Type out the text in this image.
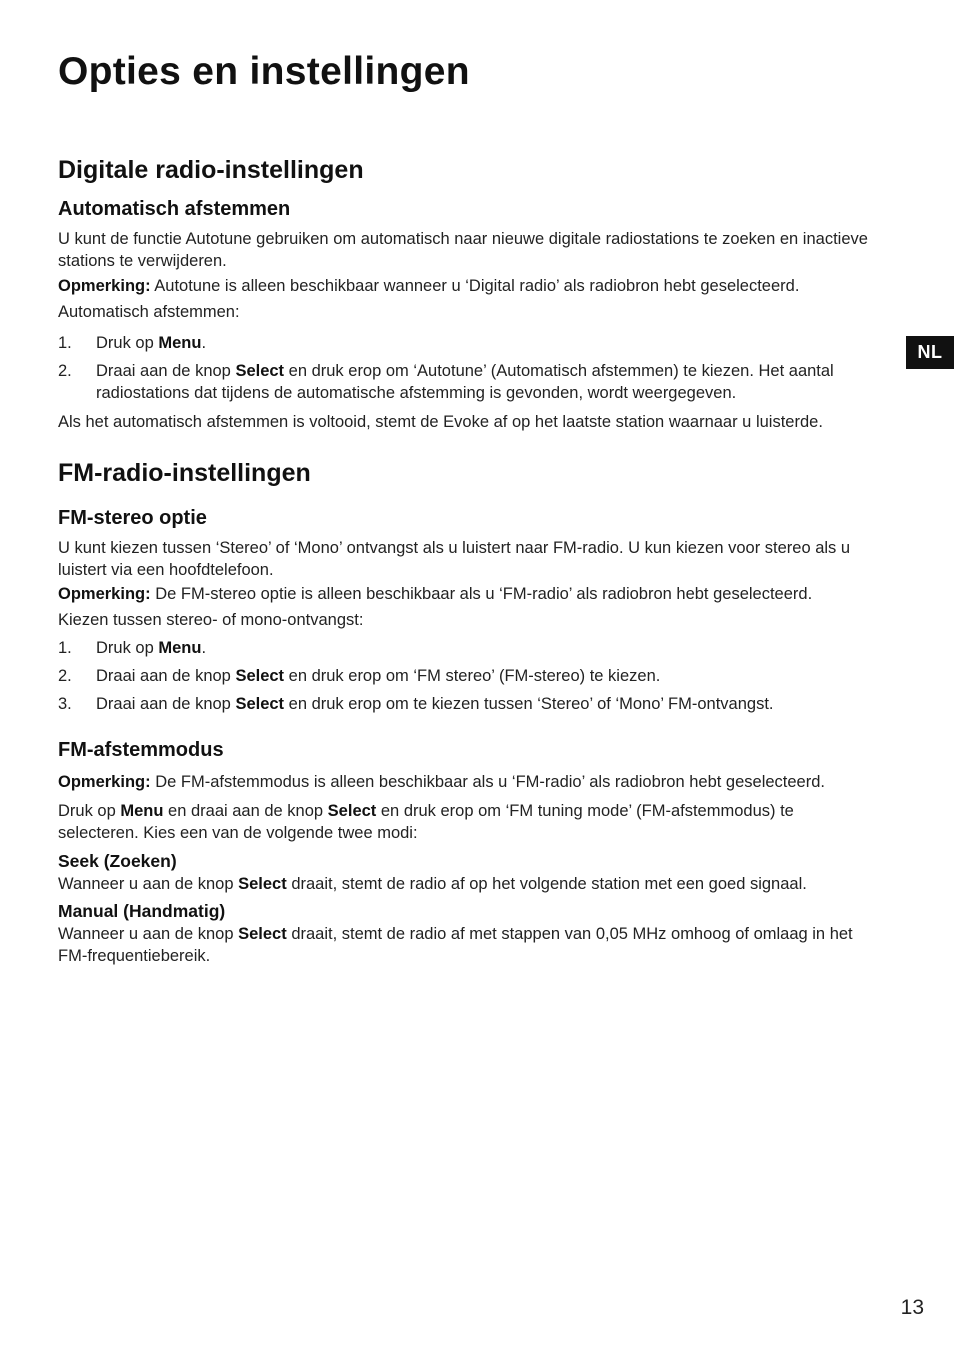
Opties en instellingen
Digitale radio-instellingen
Automatisch afstemmen

U kunt de functie Autotune gebruiken om automatisch naar nieuwe digitale radiostations te zoeken en inactieve stations te verwijderen.

Opmerking: Autotune is alleen beschikbaar wanneer u ‘Digital radio’ als radiobron hebt geselecteerd.

Automatisch afstemmen:

1. Druk op Menu.
2. Draai aan de knop Select en druk erop om ‘Autotune’ (Automatisch afstemmen) te kiezen. Het aantal radiostations dat tijdens de automatische afstemming is gevonden, wordt weergegeven.

Als het automatisch afstemmen is voltooid, stemt de Evoke af op het laatste station waarnaar u luisterde.

FM-radio-instellingen
FM-stereo optie

U kunt kiezen tussen ‘Stereo’ of ‘Mono’ ontvangst als u luistert naar FM-radio. U kun kiezen voor stereo als u luistert via een hoofdtelefoon.

Opmerking: De FM-stereo optie is alleen beschikbaar als u ‘FM-radio’ als radiobron hebt geselecteerd.

Kiezen tussen stereo- of mono-ontvangst:

1. Druk op Menu.
2. Draai aan de knop Select en druk erop om ‘FM stereo’ (FM-stereo) te kiezen.
3. Draai aan de knop Select en druk erop om te kiezen tussen ‘Stereo’ of ‘Mono’ FM-ontvangst.
FM-afstemmodus

Opmerking: De FM-afstemmodus is alleen beschikbaar als u ‘FM-radio’ als radiobron hebt geselecteerd.

Druk op Menu en draai aan de knop Select en druk erop om ‘FM tuning mode’ (FM-afstemmodus) te selecteren. Kies een van de volgende twee modi:

Seek (Zoeken)

Wanneer u aan de knop Select draait, stemt de radio af op het volgende station met een goed signaal.

Manual (Handmatig)

Wanneer u aan de knop Select draait, stemt de radio af met stappen van 0,05 MHz omhoog of omlaag in het FM-frequentiebereik.

NL
13
